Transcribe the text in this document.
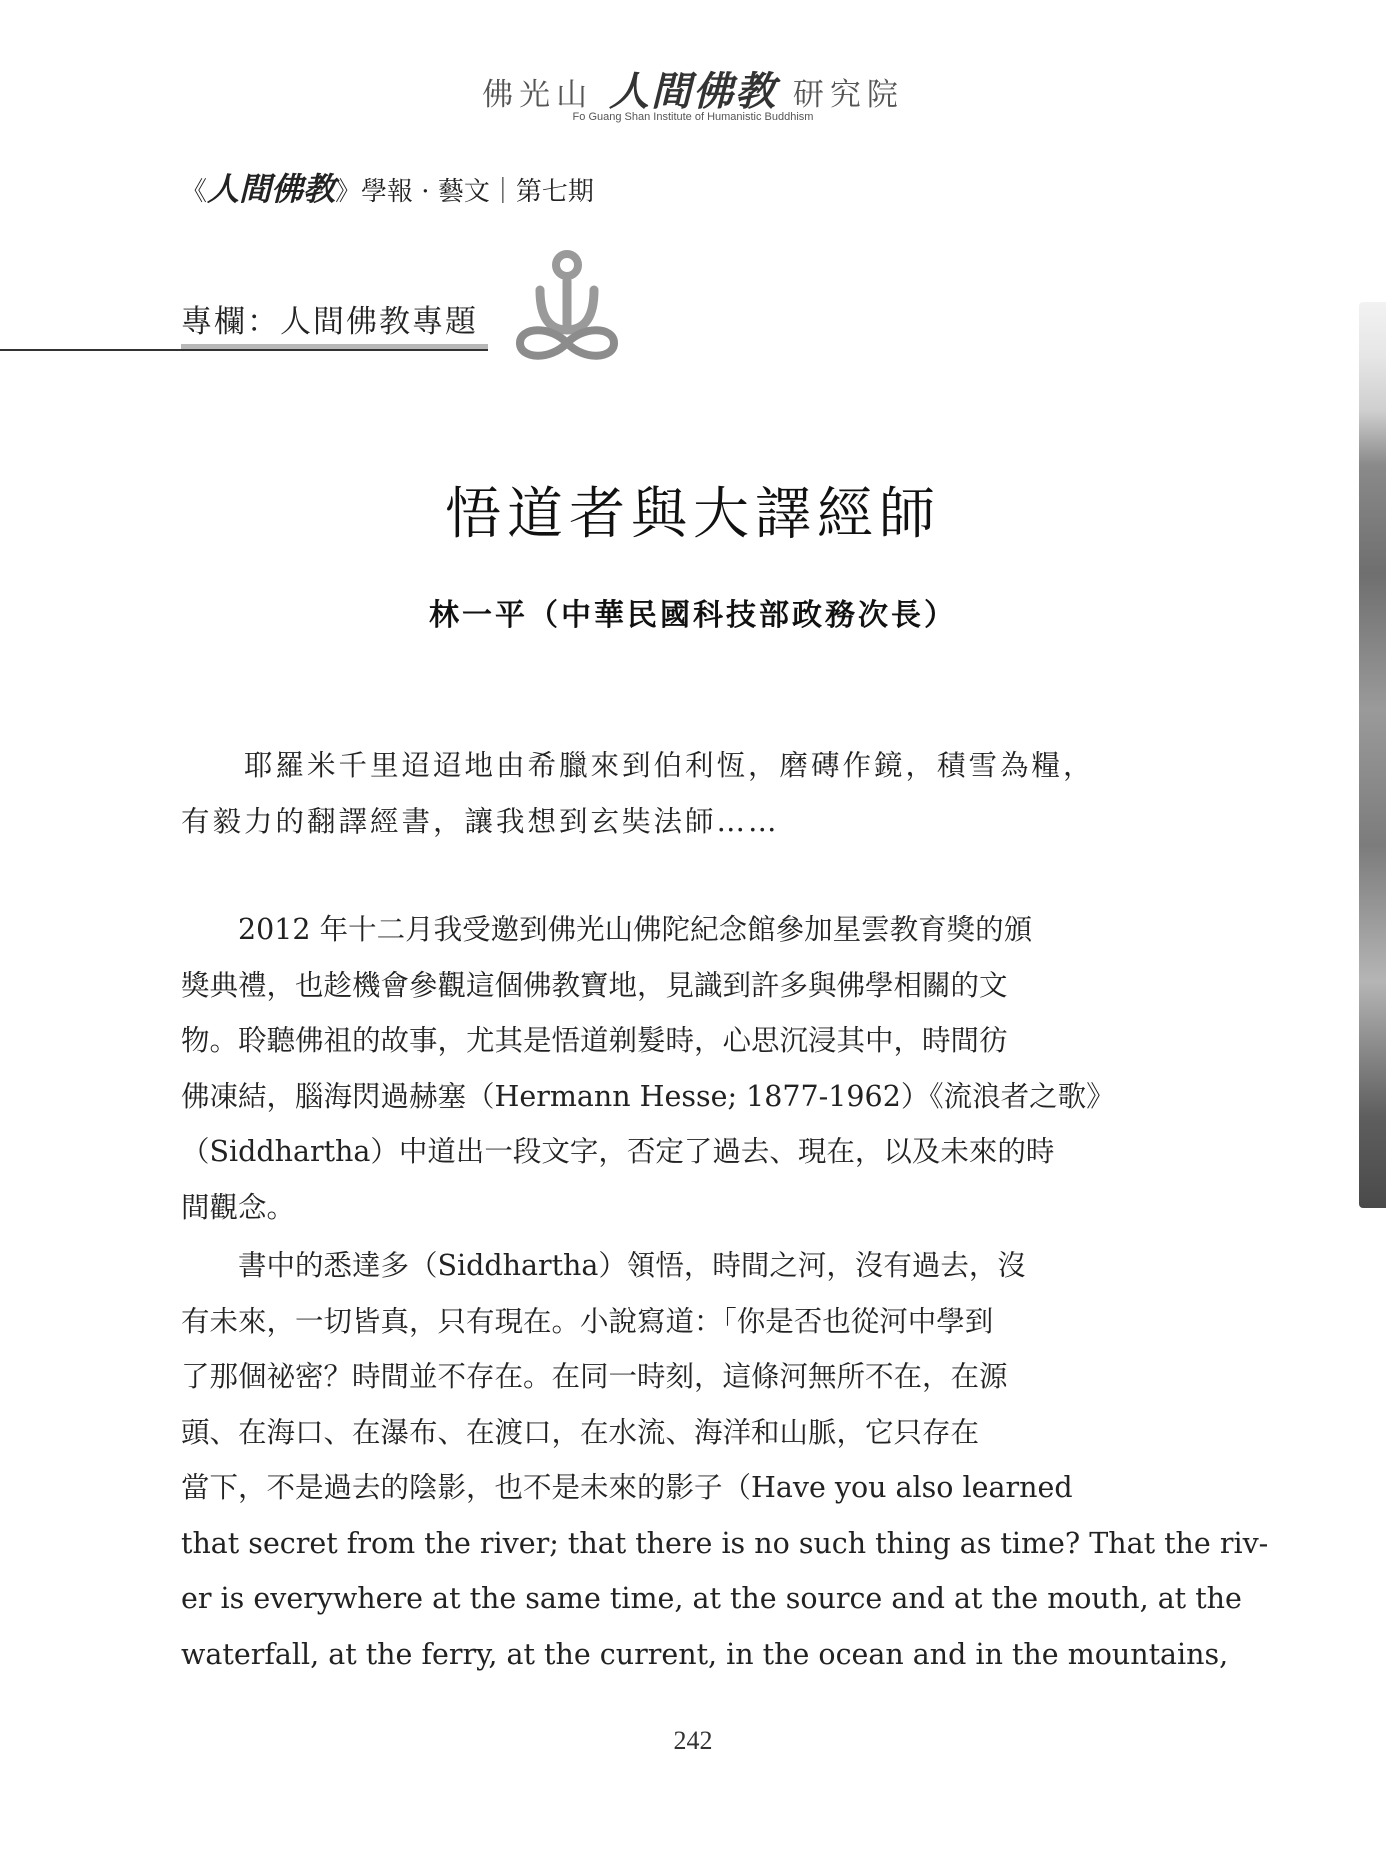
佛光山 人間佛教 研究院
Fo Guang Shan Institute of Humanistic Buddhism
《人間佛教》學報 · 藝文｜第七期
專欄：人間佛教專題
悟道者與大譯經師
林一平（中華民國科技部政務次長）
　　耶羅米千里迢迢地由希臘來到伯利恆，磨磚作鏡，積雪為糧，
有毅力的翻譯經書，讓我想到玄奘法師……
　　2012 年十二月我受邀到佛光山佛陀紀念館參加星雲教育獎的頒
獎典禮，也趁機會參觀這個佛教寶地，見識到許多與佛學相關的文
物。聆聽佛祖的故事，尤其是悟道剃髮時，心思沉浸其中，時間彷
佛凍結，腦海閃過赫塞（Hermann Hesse; 1877-1962）《流浪者之歌》
（Siddhartha）中道出一段文字，否定了過去、現在，以及未來的時
間觀念。
　　書中的悉達多（Siddhartha）領悟，時間之河，沒有過去，沒
有未來，一切皆真，只有現在。小說寫道：「你是否也從河中學到
了那個祕密？時間並不存在。在同一時刻，這條河無所不在，在源
頭、在海口、在瀑布、在渡口，在水流、海洋和山脈，它只存在
當下，不是過去的陰影，也不是未來的影子（Have you also learned
that secret from the river; that there is no such thing as time? That the riv-
er is everywhere at the same time, at the source and at the mouth, at the
waterfall, at the ferry, at the current, in the ocean and in the mountains,
242
